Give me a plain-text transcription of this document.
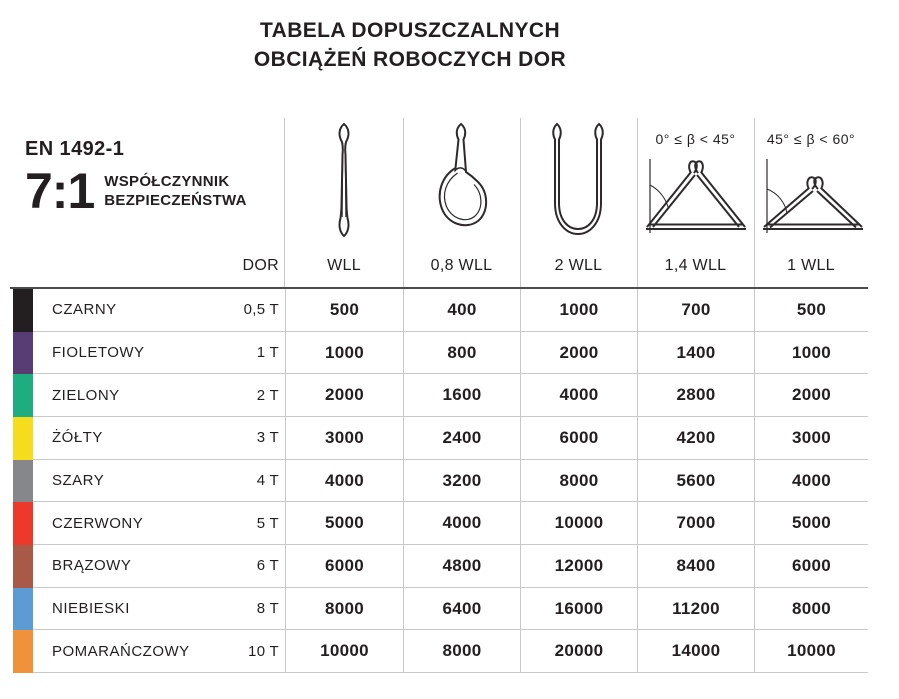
TABELA DOPUSZCZALNYCH
OBCIĄŻEŃ ROBOCZYCH DOR
EN 1492-1
7:1 WSPÓŁCZYNNIK
BEZPIECZEŃSTWA
0° ≤ β < 45°	45° ≤ β < 60°
DOR	WLL	0,8 WLL	2 WLL	1,4 WLL	1 WLL
CZARNY	0,5 T	500	400	1000	700	500
FIOLETOWY	1 T	1000	800	2000	1400	1000
ZIELONY	2 T	2000	1600	4000	2800	2000
ŻÓŁTY	3 T	3000	2400	6000	4200	3000
SZARY	4 T	4000	3200	8000	5600	4000
CZERWONY	5 T	5000	4000	10000	7000	5000
BRĄZOWY	6 T	6000	4800	12000	8400	6000
NIEBIESKI	8 T	8000	6400	16000	11200	8000
POMARAŃCZOWY	10 T	10000	8000	20000	14000	10000
